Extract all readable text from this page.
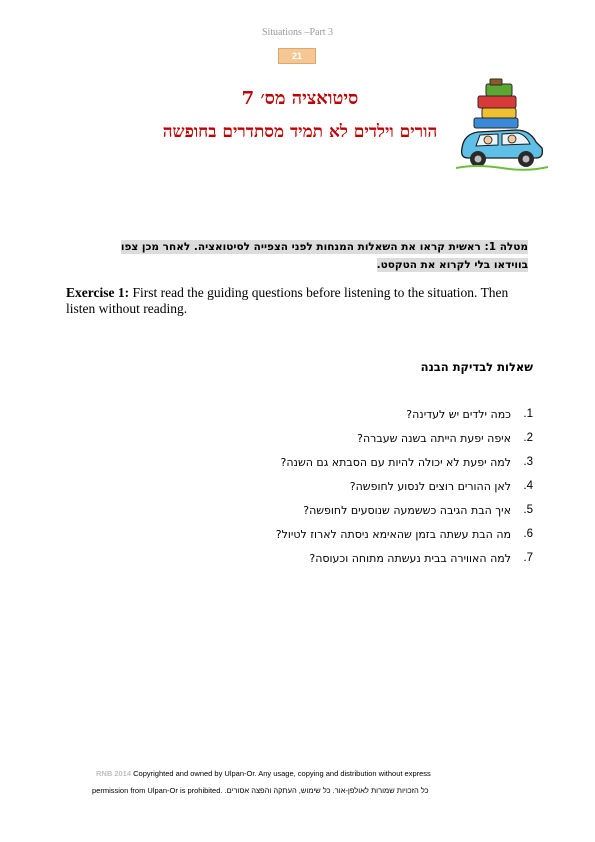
Situations –Part 3
21
סיטואציה מס׳ 7
הורים וילדים לא תמיד מסתדרים בחופשה
מטלה 1: ראשית קראו את השאלות המנחות לפני הצפייה לסיטואציה. לאחר מכן צפו
בווידאו בלי לקרוא את הטקסט.
Exercise 1: First read the guiding questions before listening to the situation. Then listen without reading.
שאלות לבדיקת הבנה
1.
כמה ילדים יש לעדינה?
2.
איפה יפעת הייתה בשנה שעברה?
3.
למה יפעת לא יכולה להיות עם הסבתא גם השנה?
4.
לאן ההורים רוצים לנסוע לחופשה?
5.
איך הבת הגיבה כששמעה שנוסעים לחופשה?
6.
מה הבת עשתה בזמן שהאימא ניסתה לארוז לטיול?
7.
למה האווירה בבית נעשתה מתוחה וכעוסה?
RNB 2014 Copyrighted and owned by Ulpan-Or. Any usage, copying and distribution without express
permission from Ulpan-Or is prohibited. כל הזכויות שמורות לאולפן-אור. כל שימוש, העתקה והפצה אסורים.
